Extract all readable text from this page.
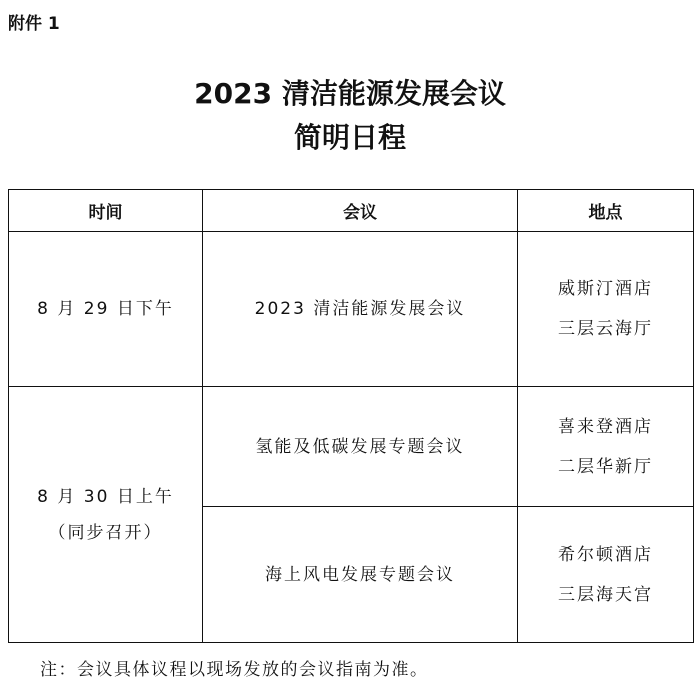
附件 1
2023 清洁能源发展会议
简明日程
时间	会议	地点

8 月 29 日下午	2023 清洁能源发展会议	威斯汀酒店
三层云海厅

8 月 30 日上午
（同步召开）	氢能及低碳发展专题会议	喜来登酒店
二层华新厅

	海上风电发展专题会议	希尔顿酒店
三层海天宫
注：会议具体议程以现场发放的会议指南为准。
